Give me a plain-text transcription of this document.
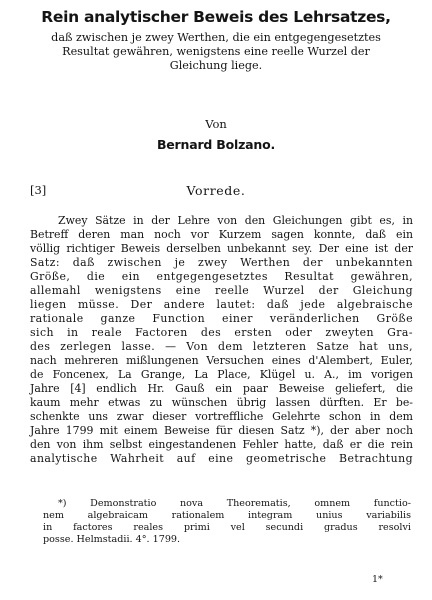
Rein analytischer Beweis des Lehrsatzes,
daß zwischen je zwey Werthen, die ein entgegengesetztes
Resultat gewähren, wenigstens eine reelle Wurzel der
Gleichung liege.
Von
Bernard Bolzano.
[3]	Vorrede.
Zwey Sätze in der Lehre von den Gleichungen gibt es, in
Betreff deren man noch vor Kurzem sagen konnte, daß ein
völlig richtiger Beweis derselben unbekannt sey. Der eine ist der
Satz: daß zwischen je zwey Werthen der unbekannten
Größe, die ein entgegengesetztes Resultat gewähren,
allemahl wenigstens eine reelle Wurzel der Gleichung
liegen müsse. Der andere lautet: daß jede algebraische
rationale ganze Function einer veränderlichen Größe
sich in reale Factoren des ersten oder zweyten Gra-
des zerlegen lasse. — Von dem letzteren Satze hat uns,
nach mehreren mißlungenen Versuchen eines d'Alembert, Euler,
de Foncenex, La Grange, La Place, Klügel u. A., im vorigen
Jahre [4] endlich Hr. Gauß ein paar Beweise geliefert, die
kaum mehr etwas zu wünschen übrig lassen dürften. Er be-
schenkte uns zwar dieser vortreffliche Gelehrte schon in dem
Jahre 1799 mit einem Beweise für diesen Satz *), der aber noch
den von ihm selbst eingestandenen Fehler hatte, daß er die rein
analytische Wahrheit auf eine geometrische Betrachtung
*) Demonstratio nova Theorematis, omnem functio-
nem algebraicam rationalem integram unius variabilis
in factores reales primi vel secundi gradus resolvi
posse. Helmstadii. 4°. 1799.
1*
